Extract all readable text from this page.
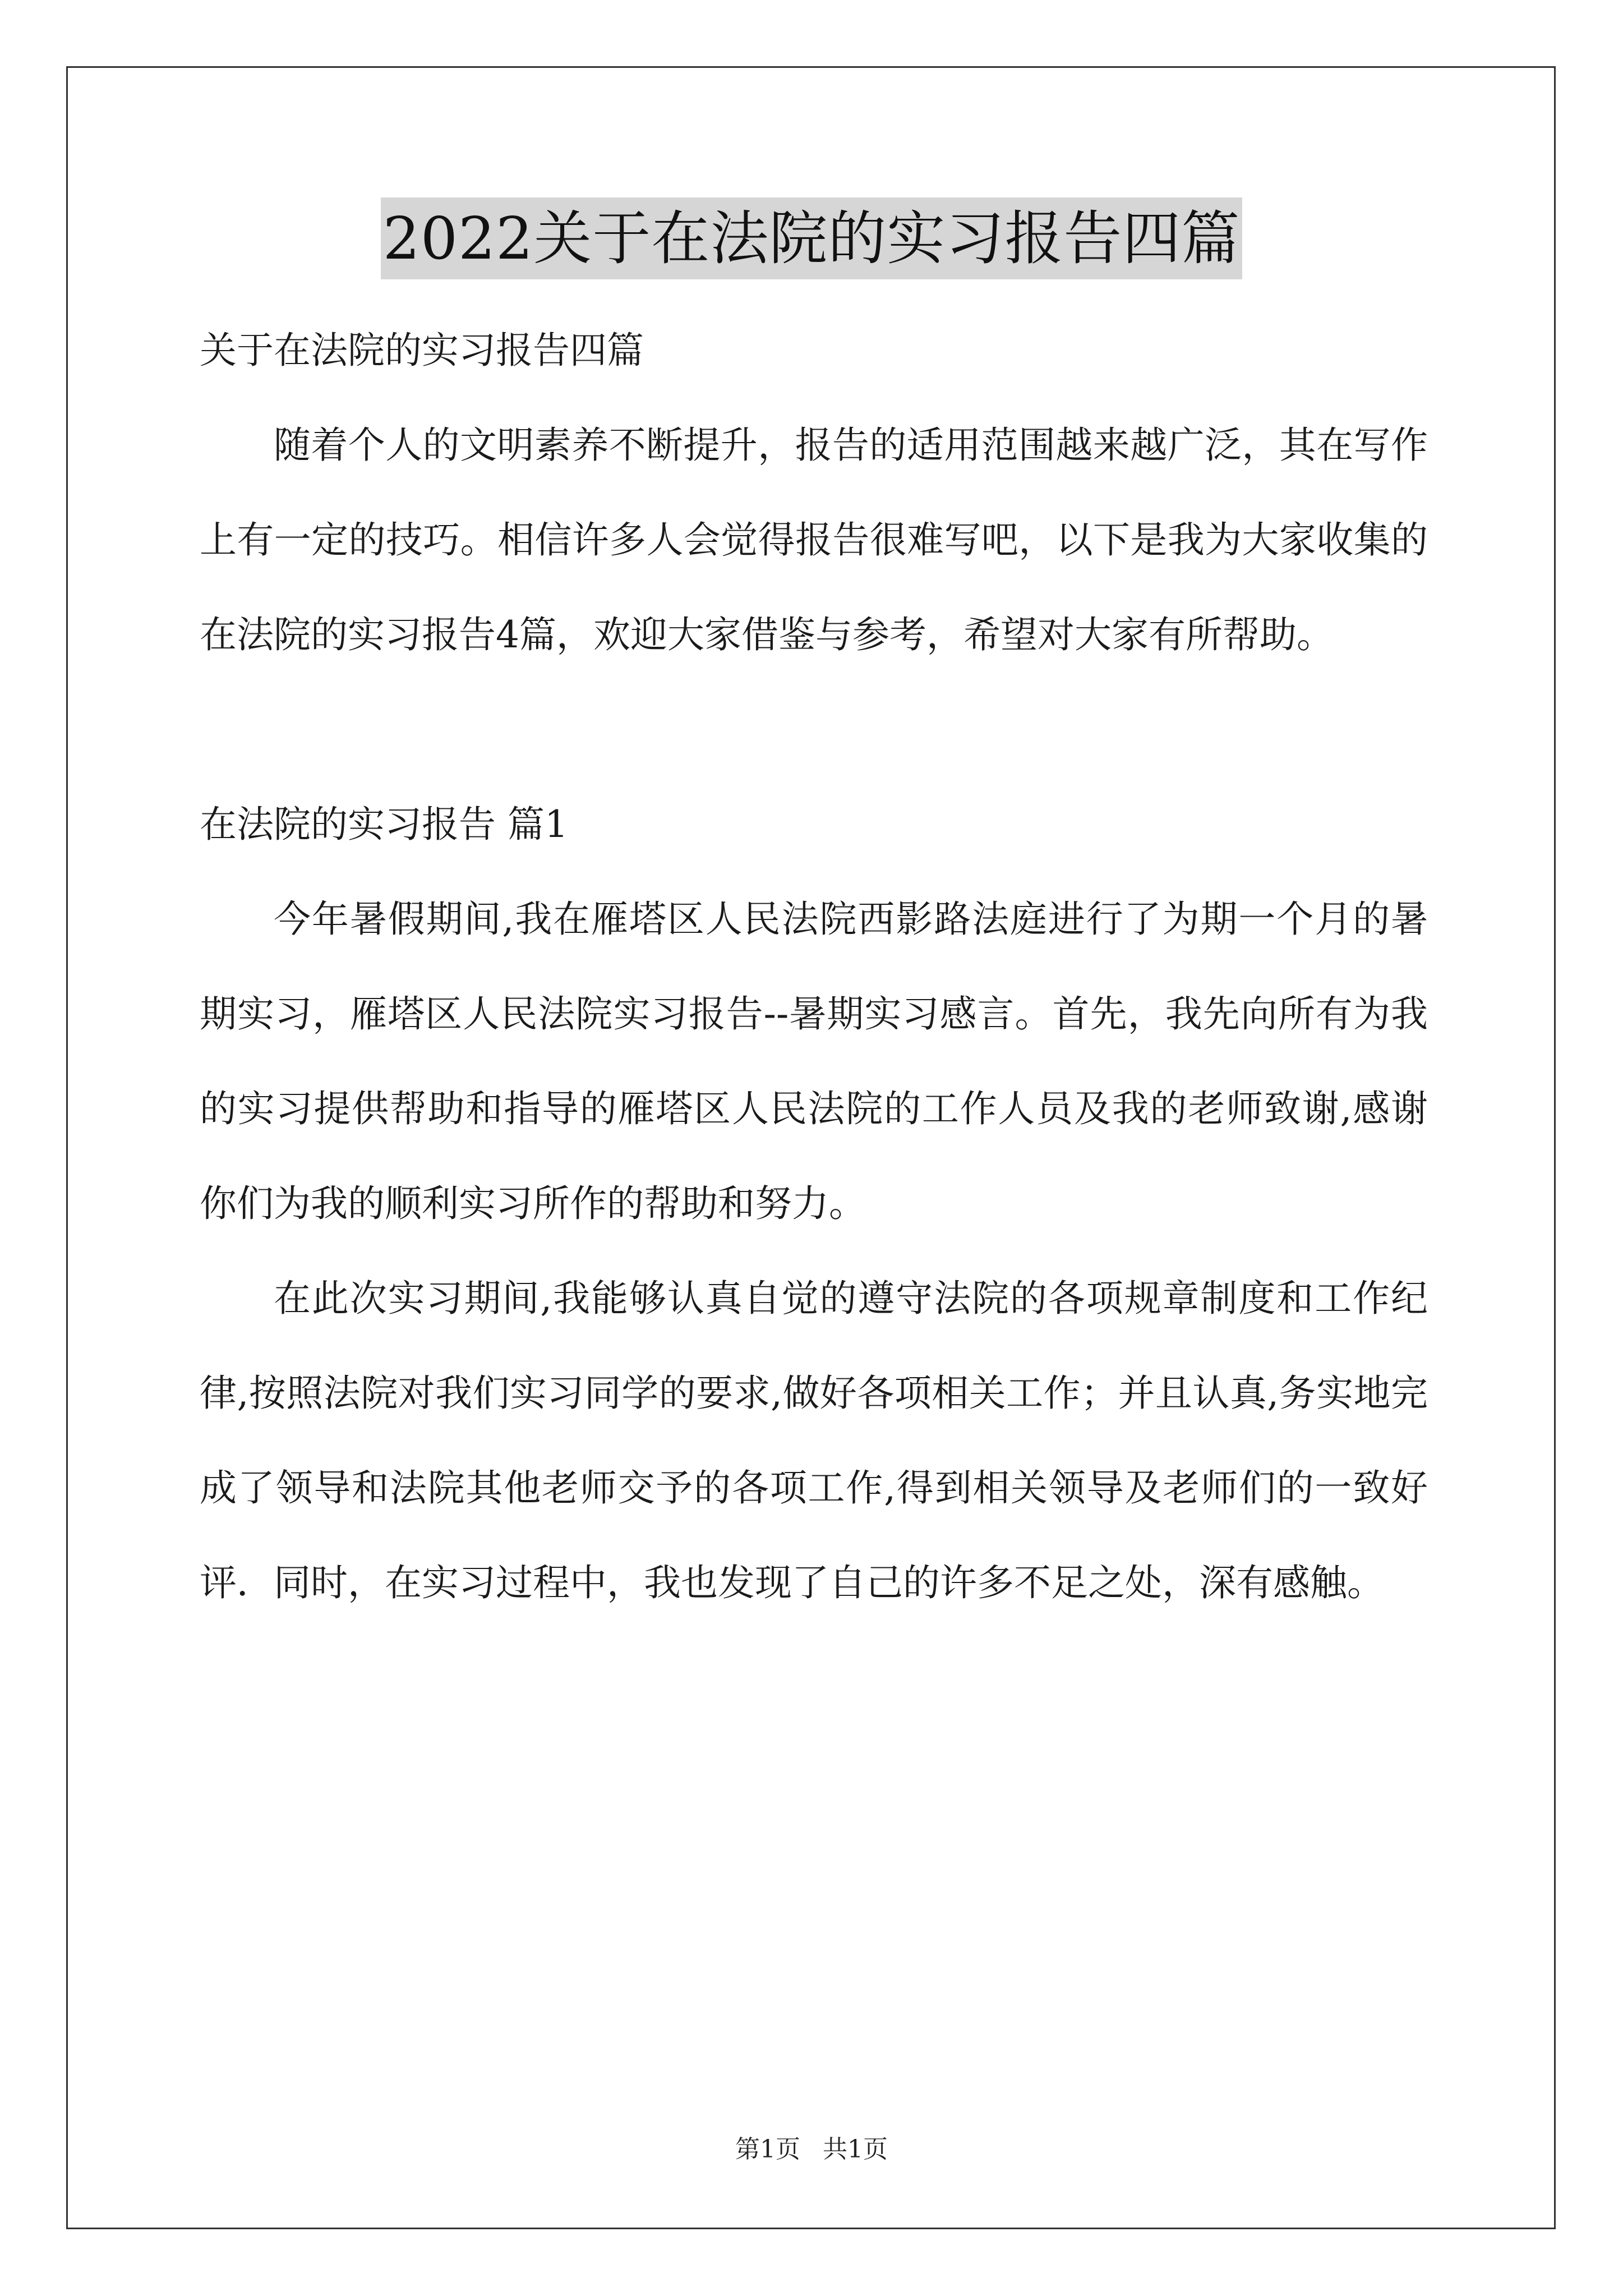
2022关于在法院的实习报告四篇

关于在法院的实习报告四篇

随着个人的文明素养不断提升，报告的适用范围越来越广泛，其在写作上有一定的技巧。相信许多人会觉得报告很难写吧，以下是我为大家收集的在法院的实习报告4篇，欢迎大家借鉴与参考，希望对大家有所帮助。

在法院的实习报告 篇1

今年暑假期间,我在雁塔区人民法院西影路法庭进行了为期一个月的暑期实习，雁塔区人民法院实习报告--暑期实习感言。首先，我先向所有为我的实习提供帮助和指导的雁塔区人民法院的工作人员及我的老师致谢,感谢你们为我的顺利实习所作的帮助和努力。

在此次实习期间,我能够认真自觉的遵守法院的各项规章制度和工作纪律,按照法院对我们实习同学的要求,做好各项相关工作；并且认真,务实地完成了领导和法院其他老师交予的各项工作,得到相关领导及老师们的一致好评．同时，在实习过程中，我也发现了自己的许多不足之处，深有感触。

第1页 共1页
